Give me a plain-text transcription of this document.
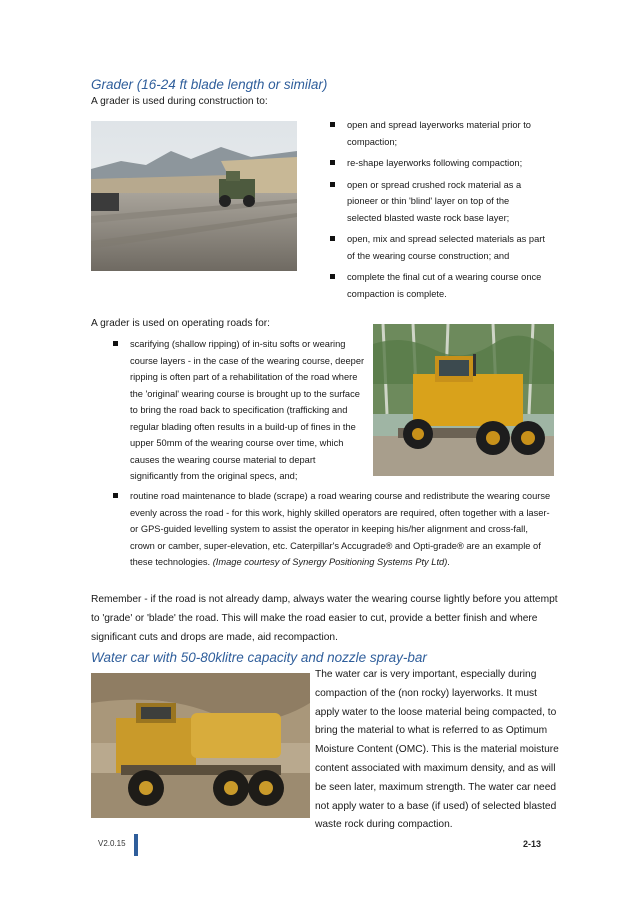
Grader (16-24 ft blade length or similar)
A grader is used during construction to:
open and spread layerworks material prior to compaction;
re-shape layerworks following compaction;
open or spread crushed rock material as a pioneer or thin 'blind' layer on top of the selected blasted waste rock base layer;
open, mix and spread selected materials as part of the wearing course construction; and
complete the final cut of a wearing course once compaction is complete.
A grader is used on operating roads for:
scarifying (shallow ripping) of in-situ softs or wearing course layers - in the case of the wearing course, deeper ripping is often part of a rehabilitation of the road where the 'original' wearing course is brought up to the surface to bring the road back to specification (trafficking and regular blading often results in a build-up of fines in the upper 50mm of the wearing course over time, which causes the wearing course material to depart significantly from the original specs, and;
routine road maintenance to blade (scrape) a road wearing course and redistribute the wearing course evenly across the road - for this work, highly skilled operators are required, often together with a laser- or GPS-guided levelling system to assist the operator in keeping his/her alignment and cross-fall, crown or camber, super-elevation, etc. Caterpillar's Accugrade® and Opti-grade® are an example of these technologies. (Image courtesy of Synergy Positioning Systems Pty Ltd).
Remember - if the road is not already damp, always water the wearing course lightly before you attempt to 'grade' or 'blade' the road. This will make the road easier to cut, provide a better finish and where significant cuts and drops are made, aid recompaction.
Water car with 50-80klitre capacity and nozzle spray-bar
The water car is very important, especially during compaction of the (non rocky) layerworks. It must apply water to the loose material being compacted, to bring the material to what is referred to as Optimum Moisture Content (OMC). This is the material moisture content associated with maximum density, and as will be seen later, maximum strength. The water car need not apply water to a base (if used) of selected blasted waste rock during compaction.
V2.0.15	2-13
